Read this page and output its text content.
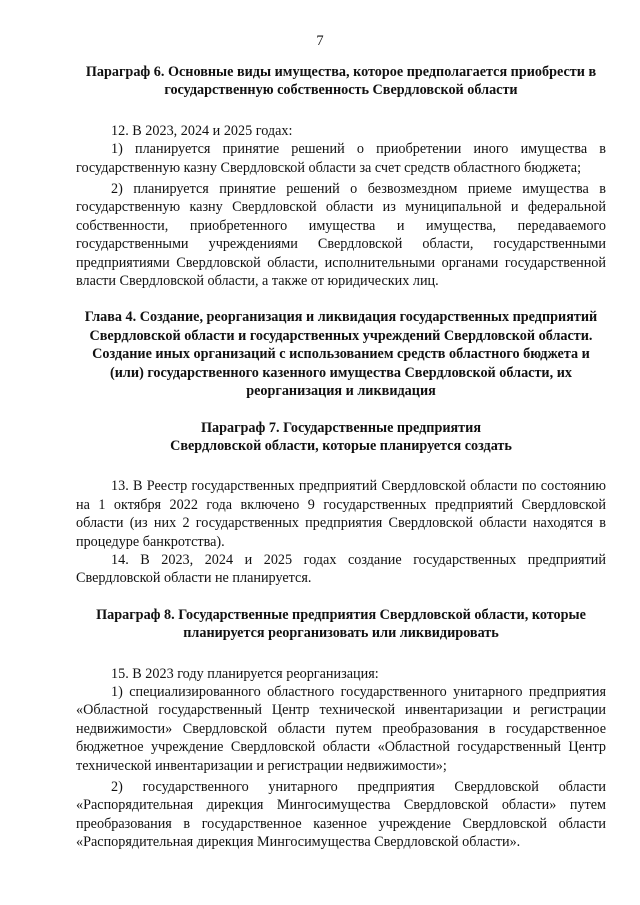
7
Параграф 6. Основные виды имущества, которое предполагается приобрести в государственную собственность Свердловской области

12. В 2023, 2024 и 2025 годах:

1) планируется принятие решений о приобретении иного имущества в государственную казну Свердловской области за счет средств областного бюджета;

2) планируется принятие решений о безвозмездном приеме имущества в государственную казну Свердловской области из муниципальной и федеральной собственности, приобретенного имущества и имущества, передаваемого государственными учреждениями Свердловской области, государственными предприятиями Свердловской области, исполнительными органами государственной власти Свердловской области, а также от юридических лиц.

Глава 4. Создание, реорганизация и ликвидация государственных предприятий Свердловской области и государственных учреждений Свердловской области. Создание иных организаций с использованием средств областного бюджета и (или) государственного казенного имущества Свердловской области, их реорганизация и ликвидация
Параграф 7. Государственные предприятия
Свердловской области, которые планируется создать

13. В Реестр государственных предприятий Свердловской области по состоянию на 1 октября 2022 года включено 9 государственных предприятий Свердловской области (из них 2 государственных предприятия Свердловской области находятся в процедуре банкротства).

14. В 2023, 2024 и 2025 годах создание государственных предприятий Свердловской области не планируется.

Параграф 8. Государственные предприятия Свердловской области, которые планируется реорганизовать или ликвидировать

15. В 2023 году планируется реорганизация:

1) специализированного областного государственного унитарного предприятия «Областной государственный Центр технической инвентаризации и регистрации недвижимости» Свердловской области путем преобразования в государственное бюджетное учреждение Свердловской области «Областной государственный Центр технической инвентаризации и регистрации недвижимости»;

2) государственного унитарного предприятия Свердловской области «Распорядительная дирекция Мингосимущества Свердловской области» путем преобразования в государственное казенное учреждение Свердловской области «Распорядительная дирекция Мингосимущества Свердловской области».
